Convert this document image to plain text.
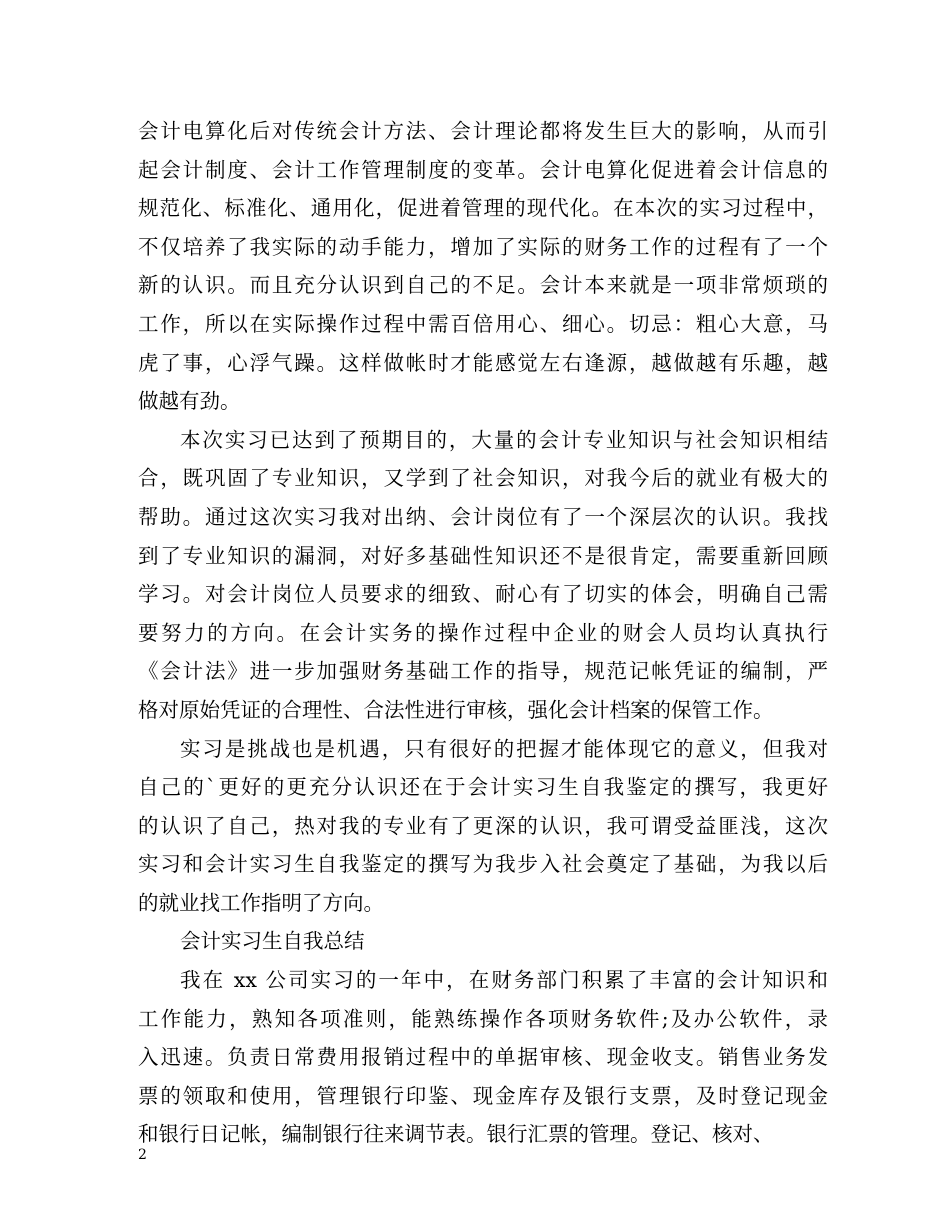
会计电算化后对传统会计方法、会计理论都将发生巨大的影响，从而引
起会计制度、会计工作管理制度的变革。会计电算化促进着会计信息的
规范化、标准化、通用化，促进着管理的现代化。在本次的实习过程中，
不仅培养了我实际的动手能力，增加了实际的财务工作的过程有了一个
新的认识。而且充分认识到自己的不足。会计本来就是一项非常烦琐的
工作，所以在实际操作过程中需百倍用心、细心。切忌：粗心大意，马
虎了事，心浮气躁。这样做帐时才能感觉左右逢源，越做越有乐趣，越
做越有劲。
本次实习已达到了预期目的，大量的会计专业知识与社会知识相结
合，既巩固了专业知识，又学到了社会知识，对我今后的就业有极大的
帮助。通过这次实习我对出纳、会计岗位有了一个深层次的认识。我找
到了专业知识的漏洞，对好多基础性知识还不是很肯定，需要重新回顾
学习。对会计岗位人员要求的细致、耐心有了切实的体会，明确自己需
要努力的方向。在会计实务的操作过程中企业的财会人员均认真执行
《会计法》进一步加强财务基础工作的指导，规范记帐凭证的编制，严
格对原始凭证的合理性、合法性进行审核，强化会计档案的保管工作。
实习是挑战也是机遇，只有很好的把握才能体现它的意义，但我对
自己的`更好的更充分认识还在于会计实习生自我鉴定的撰写，我更好
的认识了自己，热对我的专业有了更深的认识，我可谓受益匪浅，这次
实习和会计实习生自我鉴定的撰写为我步入社会奠定了基础，为我以后
的就业找工作指明了方向。
会计实习生自我总结
我在 xx 公司实习的一年中，在财务部门积累了丰富的会计知识和
工作能力，熟知各项准则，能熟练操作各项财务软件;及办公软件，录
入迅速。负责日常费用报销过程中的单据审核、现金收支。销售业务发
票的领取和使用，管理银行印鉴、现金库存及银行支票，及时登记现金
和银行日记帐，编制银行往来调节表。银行汇票的管理。登记、核对、
2
